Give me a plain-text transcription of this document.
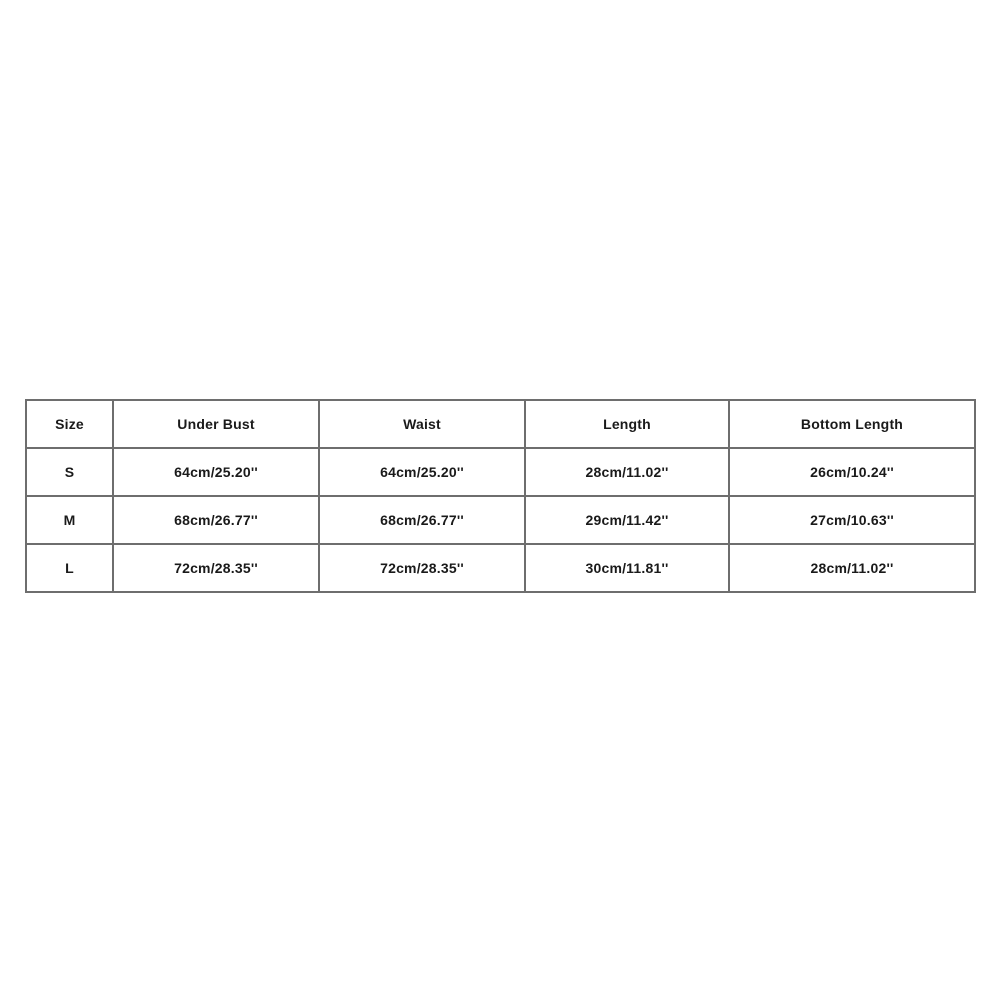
Size	Under Bust	Waist	Length	Bottom Length
S	64cm/25.20''	64cm/25.20''	28cm/11.02''	26cm/10.24''
M	68cm/26.77''	68cm/26.77''	29cm/11.42''	27cm/10.63''
L	72cm/28.35''	72cm/28.35''	30cm/11.81''	28cm/11.02''
